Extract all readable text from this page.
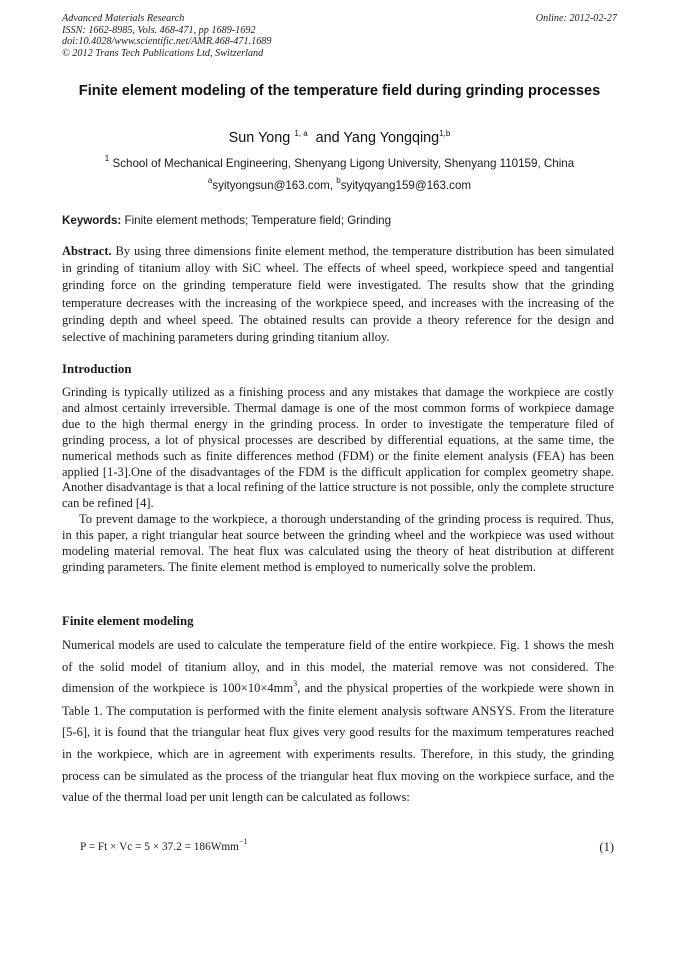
Advanced Materials Research
ISSN: 1662-8985, Vols. 468-471, pp 1689-1692
doi:10.4028/www.scientific.net/AMR.468-471.1689
© 2012 Trans Tech Publications Ltd, Switzerland
Online: 2012-02-27
Finite element modeling of the temperature field during grinding processes
Sun Yong $^{1, a}$  and Yang Yongqing$^{1,b}$
$^1$ School of Mechanical Engineering, Shenyang Ligong University, Shenyang 110159, China
$^a$syityongsun@163.com, $^b$syityqyang159@163.com
Keywords: Finite element methods; Temperature field; Grinding
Abstract. By using three dimensions finite element method, the temperature distribution has been simulated in grinding of titanium alloy with SiC wheel. The effects of wheel speed, workpiece speed and tangential grinding force on the grinding temperature field were investigated. The results show that the grinding temperature decreases with the increasing of the workpiece speed, and increases with the increasing of the grinding depth and wheel speed. The obtained results can provide a theory reference for the design and selective of machining parameters during grinding titanium alloy.
Introduction
Grinding is typically utilized as a finishing process and any mistakes that damage the workpiece are costly and almost certainly irreversible. Thermal damage is one of the most common forms of workpiece damage due to the high thermal energy in the grinding process. In order to investigate the temperature filed of grinding process, a lot of physical processes are described by differential equations, at the same time, the numerical methods such as finite differences method (FDM) or the finite element analysis (FEA) has been applied [1-3].One of the disadvantages of the FDM is the difficult application for complex geometry shape. Another disadvantage is that a local refining of the lattice structure is not possible, only the complete structure can be refined [4].
To prevent damage to the workpiece, a thorough understanding of the grinding process is required. Thus, in this paper, a right triangular heat source between the grinding wheel and the workpiece was used without modeling material removal. The heat flux was calculated using the theory of heat distribution at different grinding parameters. The finite element method is employed to numerically solve the problem.
Finite element modeling
Numerical models are used to calculate the temperature field of the entire workpiece. Fig. 1 shows the mesh of the solid model of titanium alloy, and in this model, the material remove was not considered. The dimension of the workpiece is $100\times 10\times 4mm^3$, and the physical properties of the workpiede were shown in Table 1. The computation is performed with the finite element analysis software ANSYS. From the literature [5-6], it is found that the triangular heat flux gives very good results for the maximum temperatures reached in the workpiece, which are in agreement with experiments results. Therefore, in this study, the grinding process can be simulated as the process of the triangular heat flux moving on the workpiece surface, and the value of the thermal load per unit length can be calculated as follows:
P = Ft × Vc = 5 × 37.2 = 186Wmm$^{-1}$	(1)
